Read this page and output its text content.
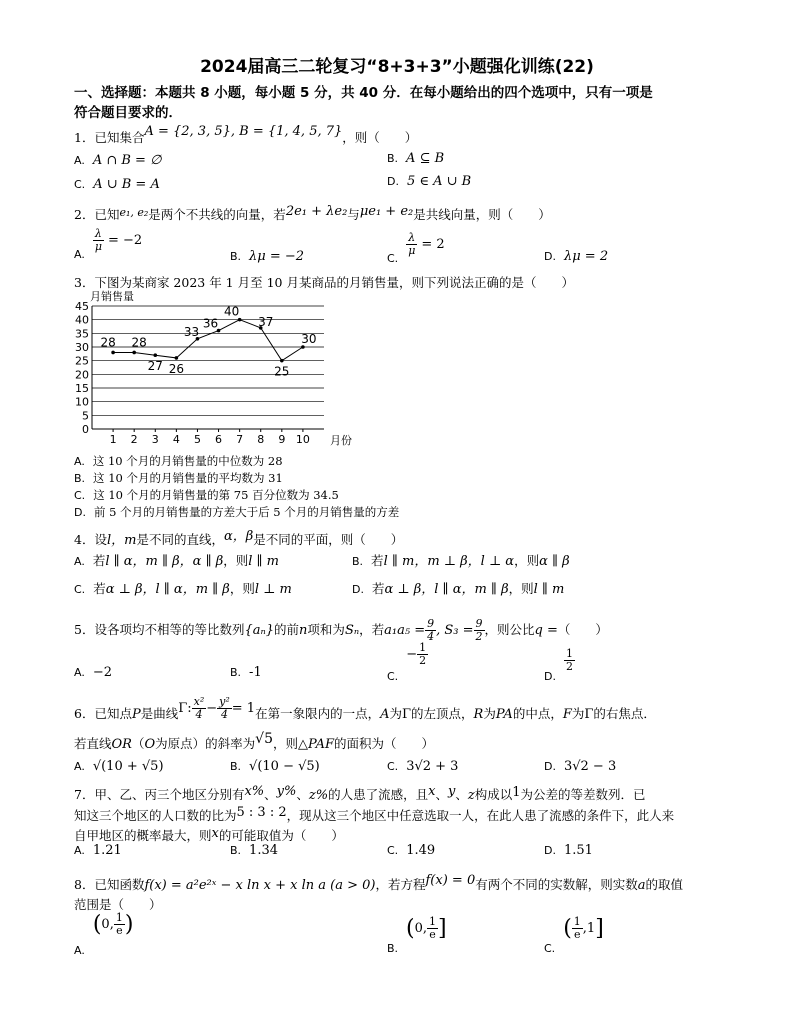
2024届高三二轮复习“8+3+3”小题强化训练(22)
一、选择题：本题共 8 小题，每小题 5 分，共 40 分．在每小题给出的四个选项中，只有一项是
符合题目要求的．
1．已知集合A = {2, 3, 5}, B = {1, 4, 5, 7}，则（　　）
A. A ∩ B = ∅	B. A ⊆ B
C. A ∪ B = A	D. 5 ∈ A ∪ B
2．已知e₁, e₂是两个不共线的向量，若2e₁ + λe₂与μe₁ + e₂是共线向量，则（　　）
A.
$\frac{\lambda}{\mu} = -2$
B. λμ = −2	C.
$\frac{\lambda}{\mu} = 2$
D. λμ = 2
3．下图为某商家 2023 年 1 月至 10 月某商品的月销售量，则下列说法正确的是（　　）
月销售量
0
5
10
15
20
25
30
35
40
45
1 2 3 4 5 6 7 8 9 10
28 28
27 26
33
36
40
37
25
30
月份
A. 这 10 个月的月销售量的中位数为 28
B. 这 10 个月的月销售量的平均数为 31
C. 这 10 个月的月销售量的第 75 百分位数为 34.5
D. 前 5 个月的月销售量的方差大于后 5 个月的月销售量的方差
4．设l，m是不同的直线，α，β是不同的平面，则（　　）
A. 若l ∥ α，m ∥ β，α ∥ β，则l ∥ m	B. 若l ∥ m，m ⊥ β，l ⊥ α，则α ∥ β
C. 若α ⊥ β，l ∥ α，m ∥ β，则l ⊥ m	D. 若α ⊥ β，l ∥ α，m ∥ β，则l ∥ m
5．设各项均不相等的等比数列{aₙ}的前n项和为Sₙ，若$a_1a_5 = \frac{9}{4}$ , $S_3 = \frac{9}{2}$ ，则公比q =（　　）
A. −2	B. -1	$C.- \frac{1}{2}$
D.
$\frac{1}{2}$
6．已知点P是曲线Γ: $\frac{\text{x²}}{4} - \frac{\text{y²}}{4} = 1$在第一象限内的一点，A为Γ的左顶点，R为PA的中点，F为Γ的右焦点．
若直线OR（O为原点）的斜率为√5，则△PAF的面积为（　　）
A. √(10 + √5)	B. √(10 − √5)	C. 3√2 + 3	D. 3√2 − 3
7．甲、乙、丙三个地区分别有x%、y%、z%的人患了流感，且x、y、z构成以1为公差的等差数列．已
知这三个地区的人口数的比为5 : 3 : 2，现从这三个地区中任意选取一人，在此人患了流感的条件下，此人来
自甲地区的概率最大，则x的可能取值为（　　）
A. 1.21	B. 1.34	C. 1.49	D. 1.51
8．已知函数f(x) = a²e²ˣ − x ln x + x ln a (a > 0)，若方程f(x) = 0有两个不同的实数解，则实数a的取值
范围是（　　）
A.(0, $\frac{1}{e}$ )
B.(0, $\frac{1}{e}$ ]
$C.( \frac{1}{e} ,1]$
